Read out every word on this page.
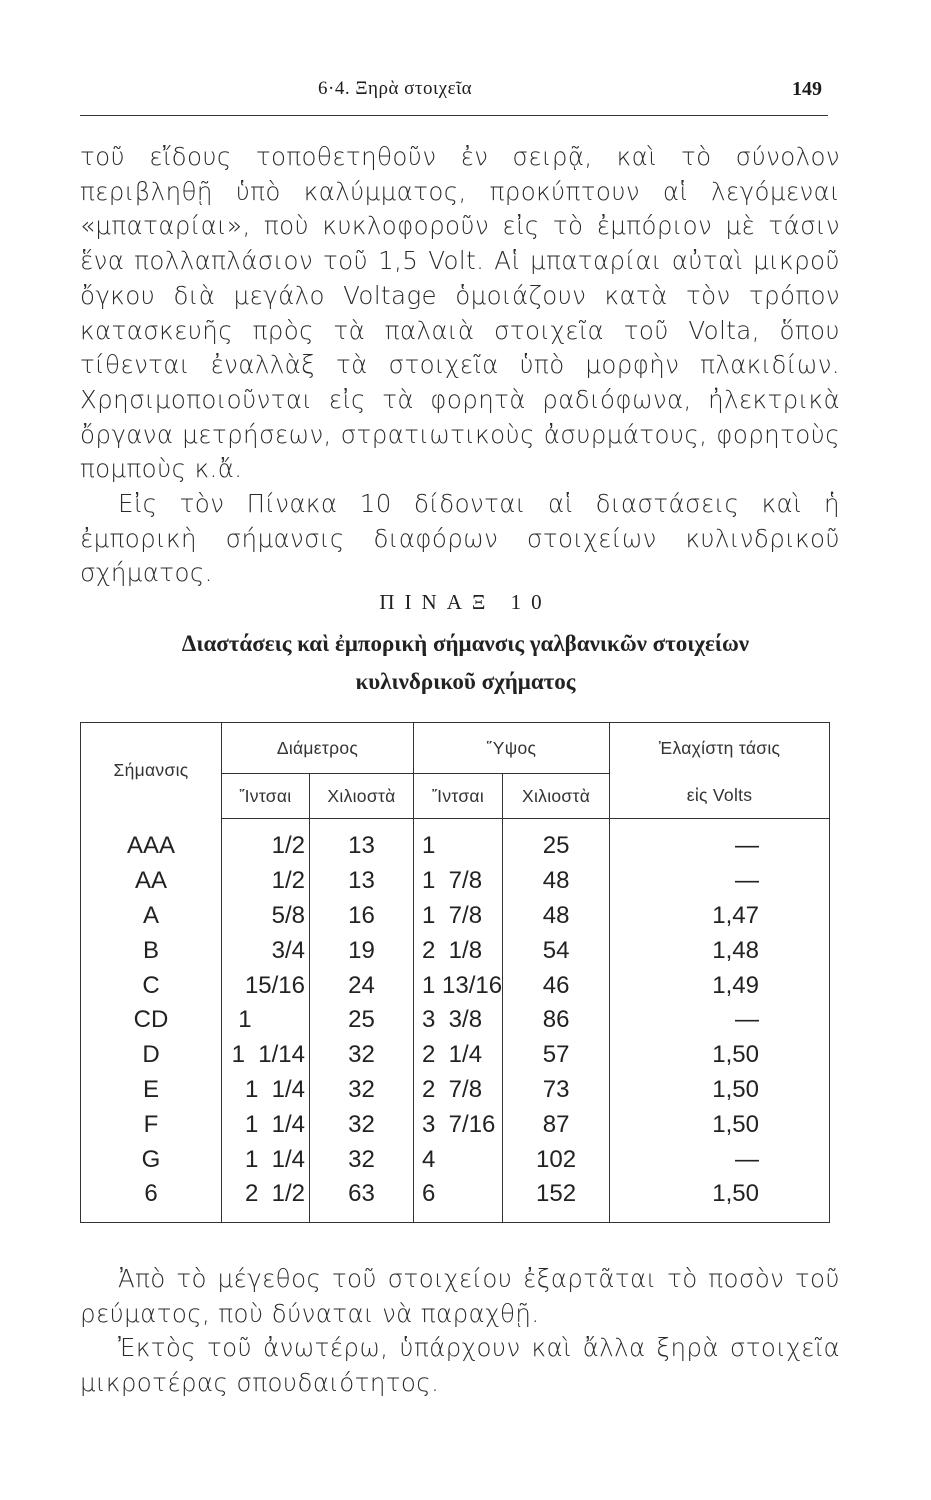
6·4. Ξηρὰ στοιχεῖα	149

τοῦ εἴδους τοποθετηθοῦν ἐν σειρᾷ, καὶ τὸ σύνολον περιβληθῇ ὑπὸ καλύμματος, προκύπτουν αἱ λεγόμεναι «μπαταρίαι», ποὺ κυκλοφοροῦν εἰς τὸ ἐμπόριον μὲ τάσιν ἕνα πολλαπλάσιον τοῦ 1,5 Volt. Αἱ μπαταρίαι αὐταὶ μικροῦ ὄγκου διὰ μεγάλο Voltage ὁμοιάζουν κατὰ τὸν τρόπον κατασκευῆς πρὸς τὰ παλαιὰ στοιχεῖα τοῦ Volta, ὅπου τίθενται ἐναλλὰξ τὰ στοιχεῖα ὑπὸ μορφὴν πλακιδίων. Χρησιμοποιοῦνται εἰς τὰ φορητὰ ραδιόφωνα, ἠλεκτρικὰ ὄργανα μετρήσεων, στρατιωτικοὺς ἀσυρμάτους, φορητοὺς πομποὺς κ.ἄ.

Εἰς τὸν Πίνακα 10 δίδονται αἱ διαστάσεις καὶ ἡ ἐμπορικὴ σήμανσις διαφόρων στοιχείων κυλινδρικοῦ σχήματος.

ΠΙΝΑΞ 10
Διαστάσεις καὶ ἐμπορικὴ σήμανσις γαλβανικῶν στοιχείων
κυλινδρικοῦ σχήματος
Σήμανσις	Διάμετρος		Ὕψος		Ἐλαχίστη τάσις
	Ἴντσαι	Χιλιοστὰ	Ἴντσαι	Χιλιοστὰ	εἰς Volts
AAA	1/2	13	1	25	—
AA	1/2	13	1  7/8	48	—
A	5/8	16	1  7/8	48	1,47
B	3/4	19	2  1/8	54	1,48
C	15/16	24	1 13/16	46	1,49
CD	1	25	3  3/8	86	—
D	1  1/14	32	2  1/4	57	1,50
E	1  1/4	32	2  7/8	73	1,50
F	1  1/4	32	3  7/16	87	1,50
G	1  1/4	32	4	102	—
6	2  1/2	63	6	152	1,50

Ἀπὸ τὸ μέγεθος τοῦ στοιχείου ἐξαρτᾶται τὸ ποσὸν τοῦ ρεύματος, ποὺ δύναται νὰ παραχθῇ.

Ἐκτὸς τοῦ ἀνωτέρω, ὑπάρχουν καὶ ἄλλα ξηρὰ στοιχεῖα μικροτέρας σπουδαιότητος.
